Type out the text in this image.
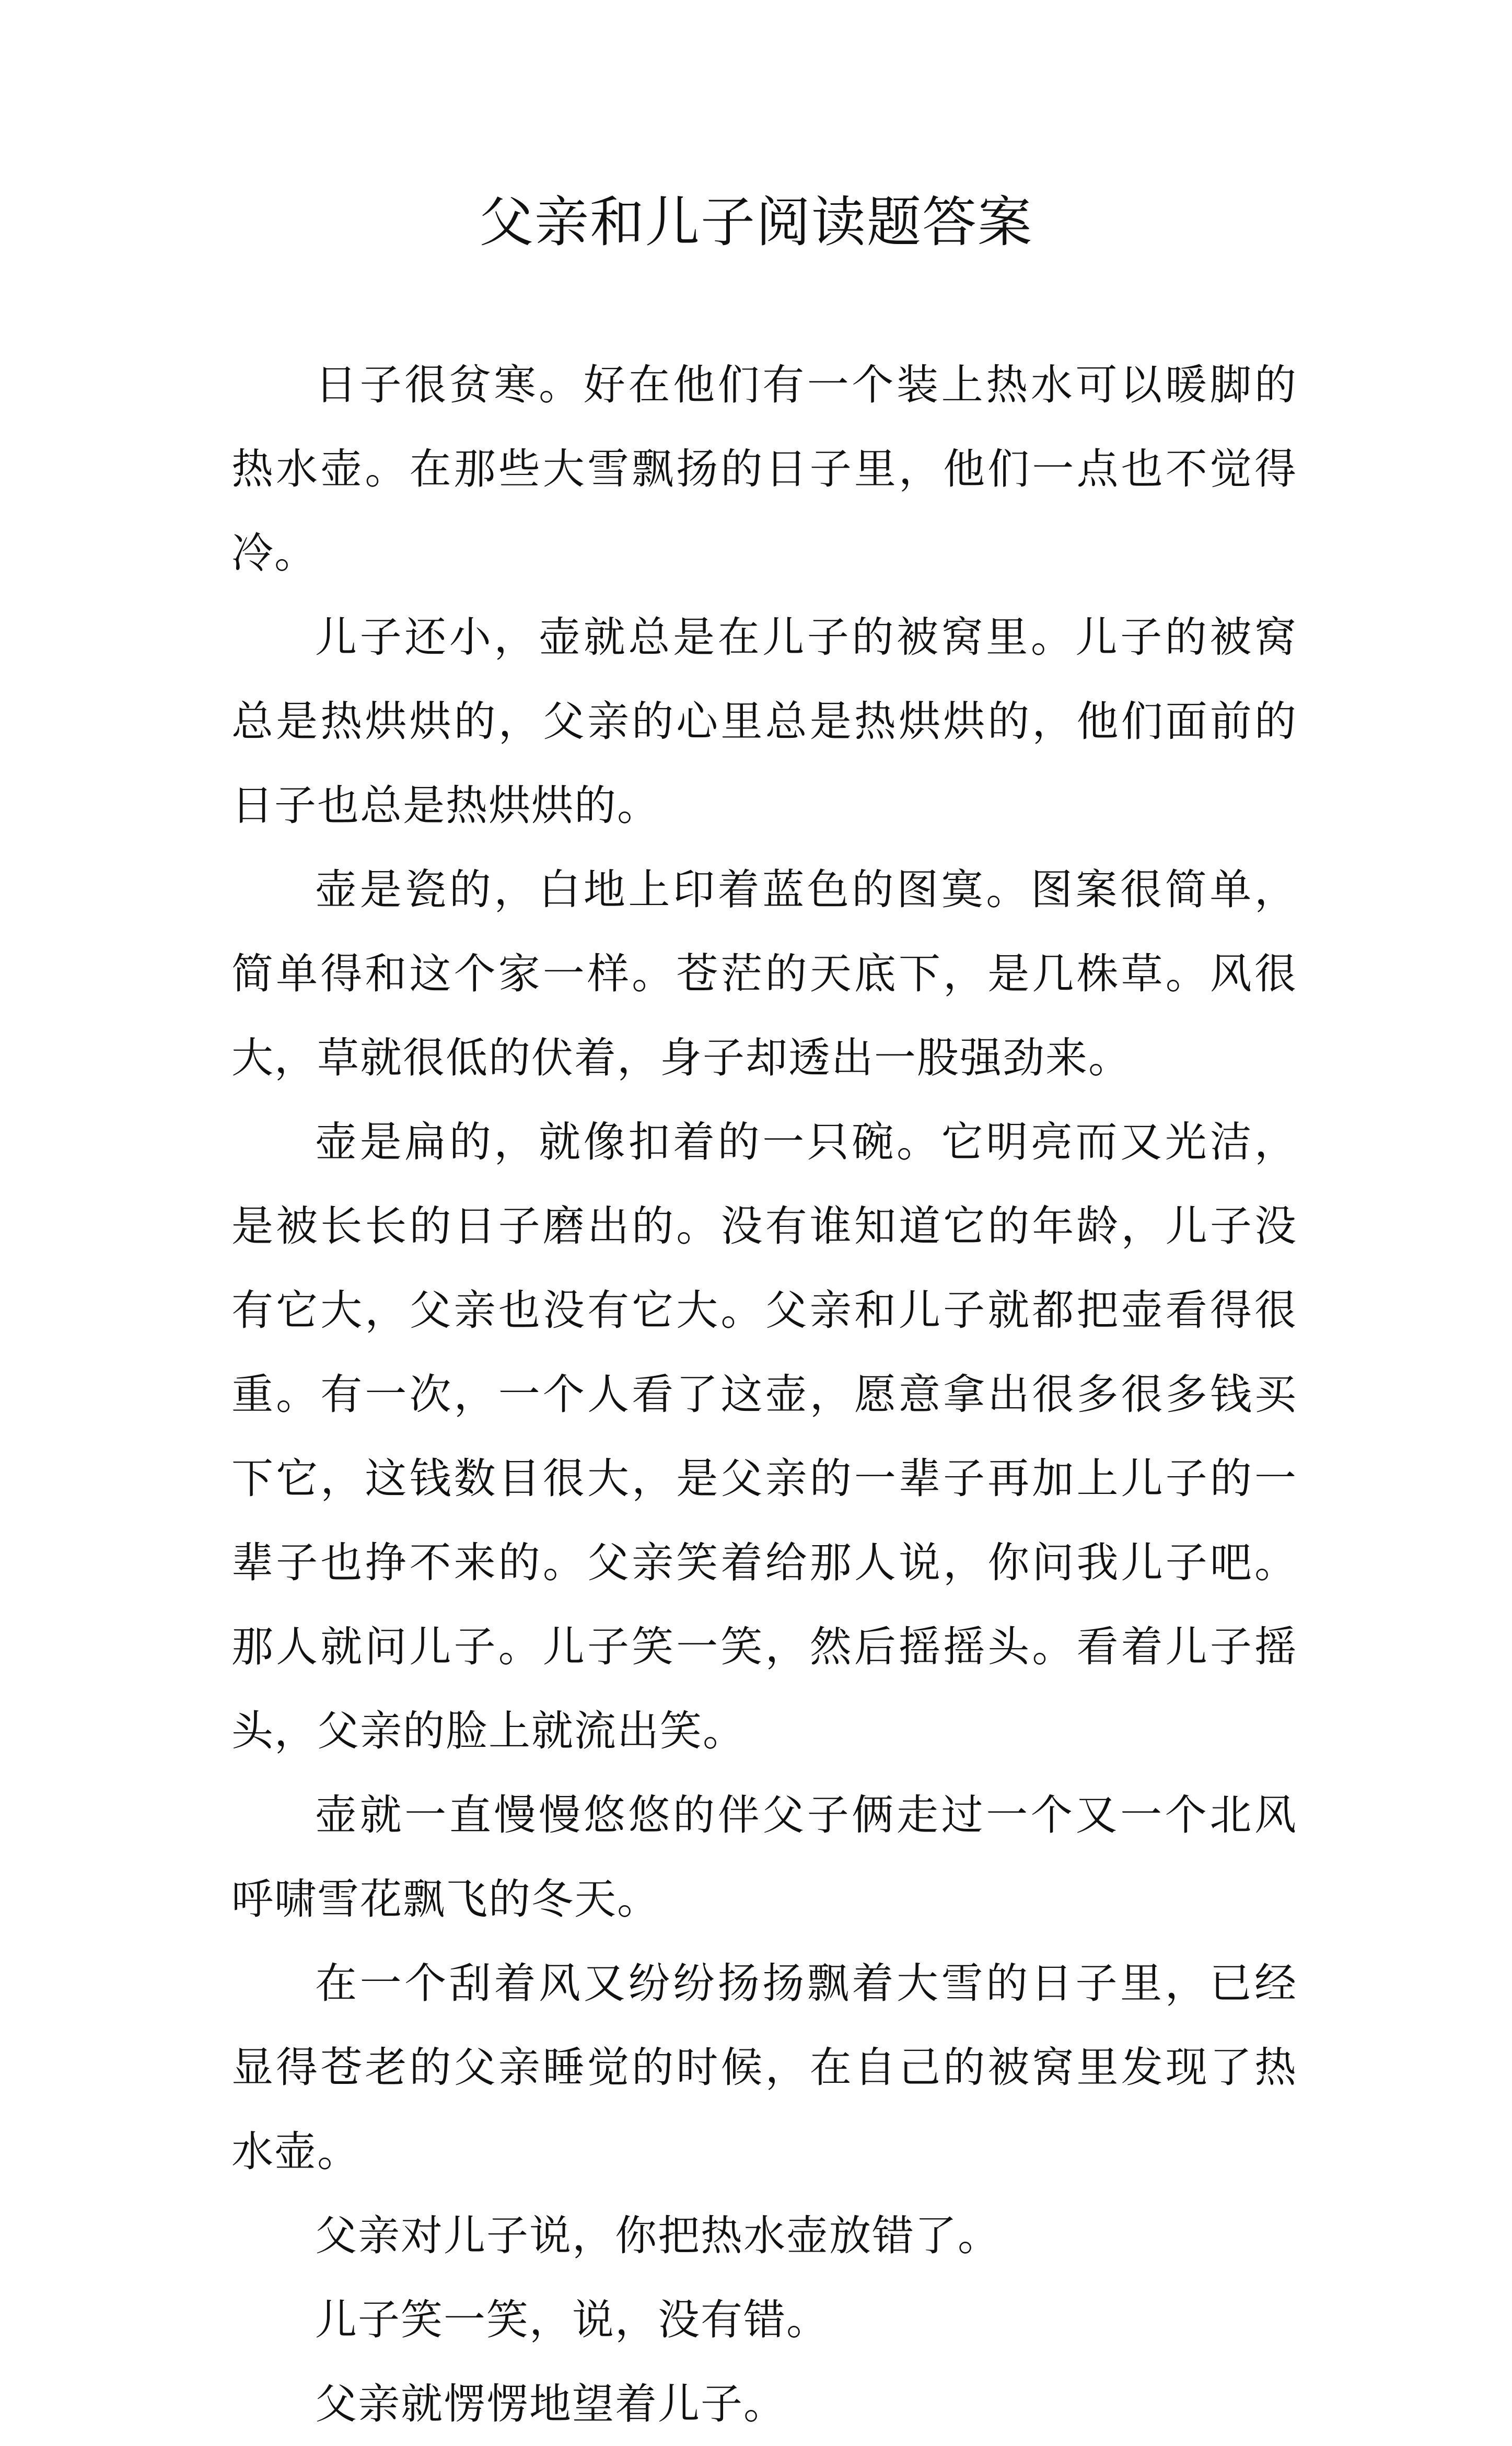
父亲和儿子阅读题答案

日子很贫寒。好在他们有一个装上热水可以暖脚的热水壶。在那些大雪飘扬的日子里，他们一点也不觉得冷。

儿子还小，壶就总是在儿子的被窝里。儿子的被窝总是热烘烘的，父亲的心里总是热烘烘的，他们面前的日子也总是热烘烘的。

壶是瓷的，白地上印着蓝色的图寞。图案很简单，简单得和这个家一样。苍茫的天底下，是几株草。风很大，草就很低的伏着，身子却透出一股强劲来。

壶是扁的，就像扣着的一只碗。它明亮而又光洁，是被长长的日子磨出的。没有谁知道它的年龄，儿子没有它大，父亲也没有它大。父亲和儿子就都把壶看得很重。有一次，一个人看了这壶，愿意拿出很多很多钱买下它，这钱数目很大，是父亲的一辈子再加上儿子的一辈子也挣不来的。父亲笑着给那人说，你问我儿子吧。那人就问儿子。儿子笑一笑，然后摇摇头。看着儿子摇头，父亲的脸上就流出笑。

壶就一直慢慢悠悠的伴父子俩走过一个又一个北风呼啸雪花飘飞的冬天。

在一个刮着风又纷纷扬扬飘着大雪的日子里，已经显得苍老的父亲睡觉的时候，在自己的被窝里发现了热水壶。

父亲对儿子说，你把热水壶放错了。

儿子笑一笑，说，没有错。

父亲就愣愣地望着儿子。
